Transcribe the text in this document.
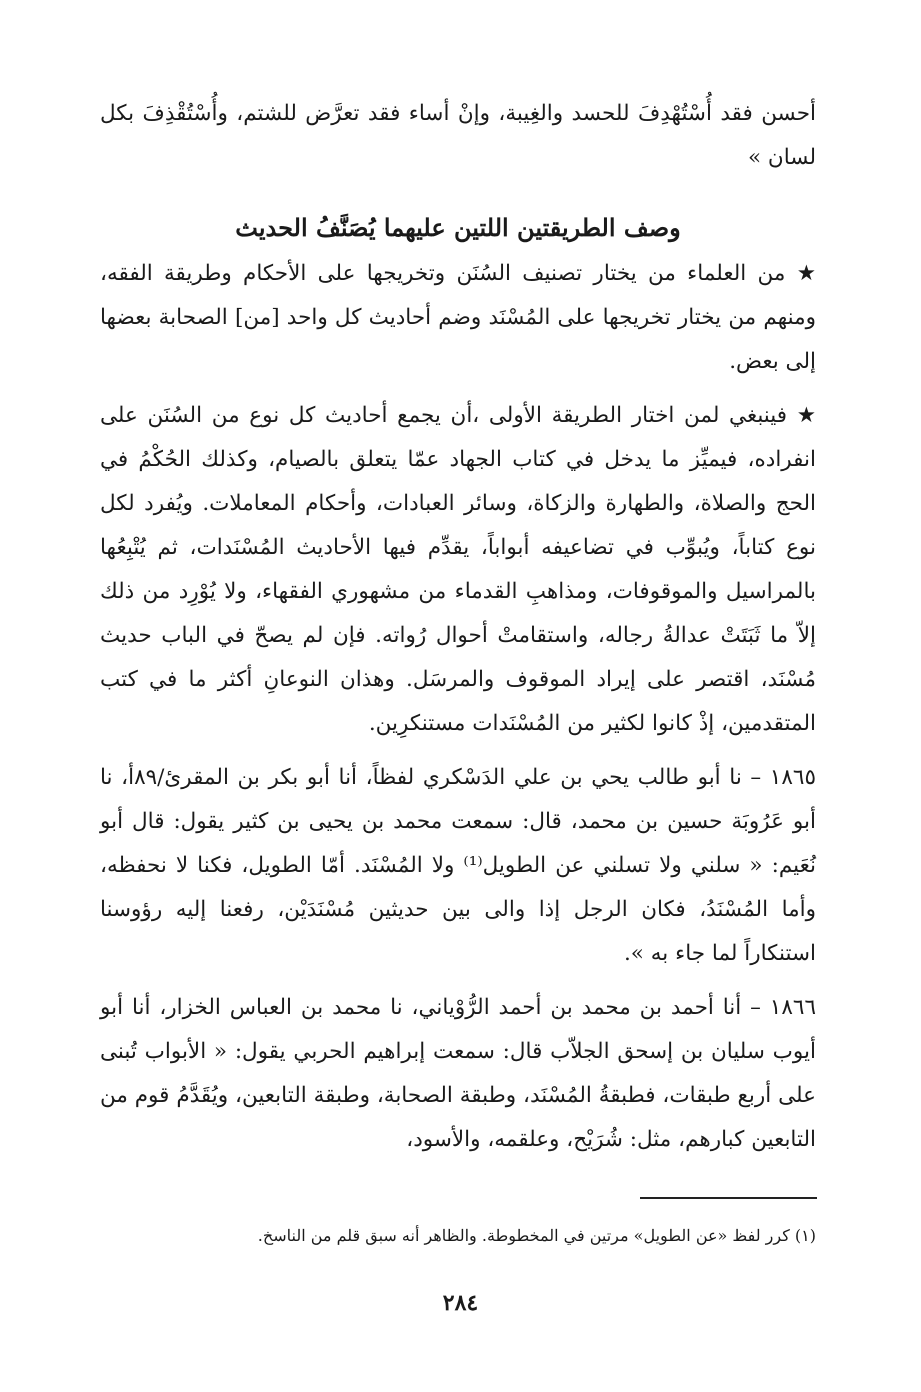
أحسن فقد أُسْتُهْدِفَ للحسد والغِيبة، وإنْ أساء فقد تعرَّض للشتم، وأُسْتُقْذِفَ بكل لسان »

وصف الطريقتين اللتين عليهما يُصَنَّفُ الحديث

★ من العلماء من يختار تصنيف السُنَن وتخريجها على الأحكام وطريقة الفقه، ومنهم من يختار تخريجها على المُسْنَد وضم أحاديث كل واحد [من] الصحابة بعضها إلى بعض.

★ فينبغي لمن اختار الطريقة الأولى ،أن يجمع أحاديث كل نوع من السُنَن على انفراده، فيميِّز ما يدخل في كتاب الجهاد عمّا يتعلق بالصيام، وكذلك الحُكْمُ في الحج والصلاة، والطهارة والزكاة، وسائر العبادات، وأحكام المعاملات. ويُفرد لكل نوع كتاباً، ويُبوِّب في تضاعيفه أبواباً، يقدِّم فيها الأحاديث المُسْنَدات، ثم يُتْبِعُها بالمراسيل والموقوفات، ومذاهبِ القدماء من مشهوري الفقهاء، ولا يُوْرِد من ذلك إلاّ ما ثَبَتَتْ عدالةُ رجاله، واستقامتْ أحوال رُواته. فإن لم يصحّ في الباب حديث مُسْنَد، اقتصر على إيراد الموقوف والمرسَل. وهذان النوعانِ أكثر ما في كتب المتقدمين، إذْ كانوا لكثير من المُسْنَدات مستنكرِين.

١٨٦٥ – نا أبو طالب يحي بن علي الدَسْكري لفظاً، أنا أبو بكر بن المقرئ/٨٩أ، نا أبو عَرُوبَة حسين بن محمد، قال: سمعت محمد بن يحيى بن كثير يقول: قال أبو نُعَيم: « سلني ولا تسلني عن الطويل⁽¹⁾ ولا المُسْنَد. أمّا الطويل، فكنا لا نحفظه، وأما المُسْنَدُ، فكان الرجل إذا والى بين حديثين مُسْنَدَيْن، رفعنا إليه رؤوسنا استنكاراً لما جاء به ».

١٨٦٦ – أنا أحمد بن محمد بن أحمد الرُّوْياني، نا محمد بن العباس الخزار، أنا أبو أيوب سليان بن إسحق الجلاّب قال: سمعت إبراهيم الحربي يقول: « الأبواب تُبنى على أربع طبقات، فطبقةُ المُسْنَد، وطبقة الصحابة، وطبقة التابعين، ويُقَدَّمُ قوم من التابعين كبارهم، مثل: شُرَيْح، وعلقمه، والأسود،

(١) كرر لفظ «عن الطويل» مرتين في المخطوطة. والظاهر أنه سبق قلم من الناسخ.
٢٨٤
